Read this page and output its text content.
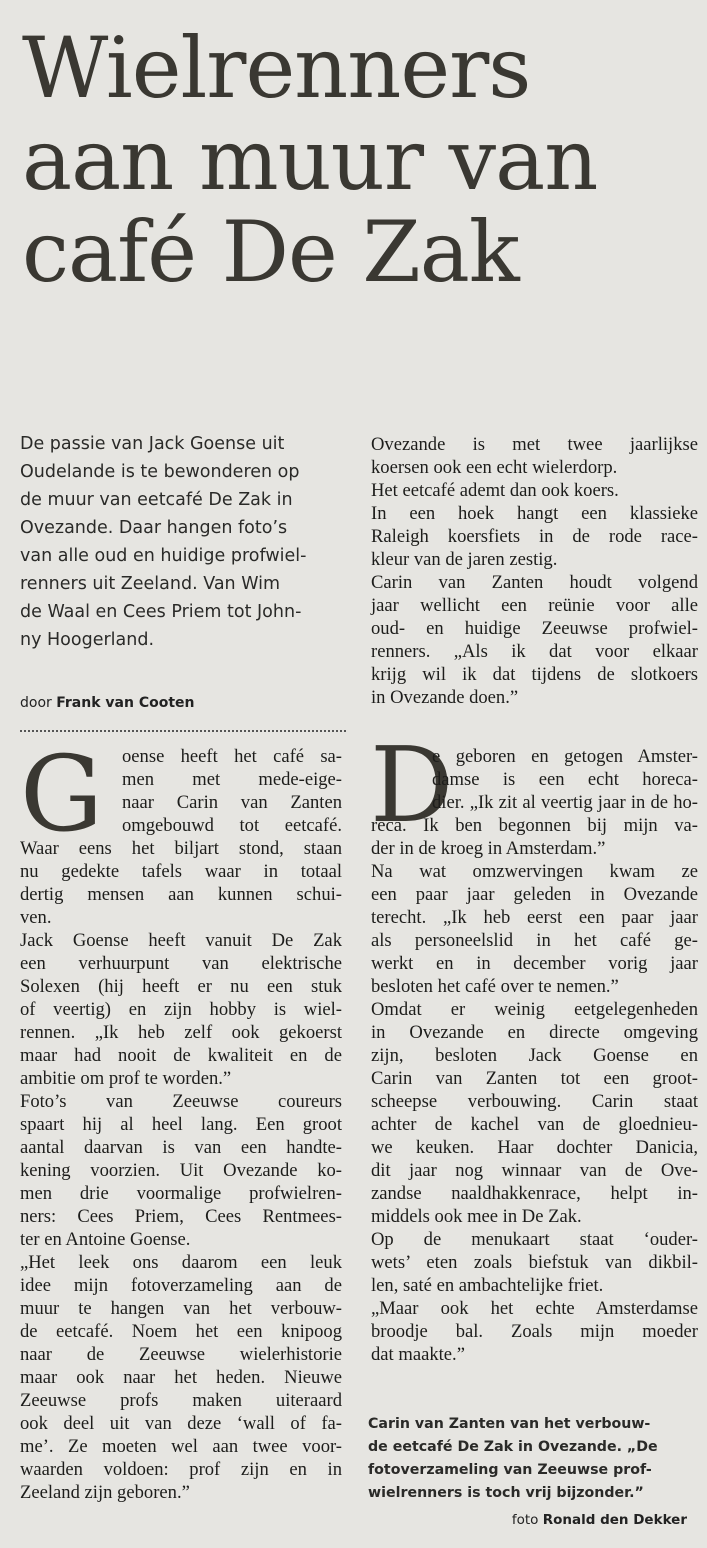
Wielrenners
aan muur van
café De Zak
De passie van Jack Goense uit
Oudelande is te bewonderen op
de muur van eetcafé De Zak in
Ovezande. Daar hangen foto’s
van alle oud en huidige profwiel-
renners uit Zeeland. Van Wim
de Waal en Cees Priem tot John-
ny Hoogerland.
door Frank van Cooten
G oense heeft het café sa-
men met mede-eige-
naar Carin van Zanten
omgebouwd tot eetcafé.
Waar eens het biljart stond, staan
nu gedekte tafels waar in totaal
dertig mensen aan kunnen schui-
ven.
Jack Goense heeft vanuit De Zak
een verhuurpunt van elektrische
Solexen (hij heeft er nu een stuk
of veertig) en zijn hobby is wiel-
rennen. „Ik heb zelf ook gekoerst
maar had nooit de kwaliteit en de
ambitie om prof te worden.”
Foto’s van Zeeuwse coureurs
spaart hij al heel lang. Een groot
aantal daarvan is van een handte-
kening voorzien. Uit Ovezande ko-
men drie voormalige profwielren-
ners: Cees Priem, Cees Rentmees-
ter en Antoine Goense.
„Het leek ons daarom een leuk
idee mijn fotoverzameling aan de
muur te hangen van het verbouw-
de eetcafé. Noem het een knipoog
naar de Zeeuwse wielerhistorie
maar ook naar het heden. Nieuwe
Zeeuwse profs maken uiteraard
ook deel uit van deze ‘wall of fa-
me’. Ze moeten wel aan twee voor-
waarden voldoen: prof zijn en in
Zeeland zijn geboren.”
Ovezande is met twee jaarlijkse
koersen ook een echt wielerdorp.
Het eetcafé ademt dan ook koers.
In een hoek hangt een klassieke
Raleigh koersfiets in de rode race-
kleur van de jaren zestig.
Carin van Zanten houdt volgend
jaar wellicht een reünie voor alle
oud- en huidige Zeeuwse profwiel-
renners. „Als ik dat voor elkaar
krijg wil ik dat tijdens de slotkoers
in Ovezande doen.”
D
e geboren en getogen Amster-
damse is een echt horeca-
dier. „Ik zit al veertig jaar in de ho-
reca. Ik ben begonnen bij mijn va-
der in de kroeg in Amsterdam.”
Na wat omzwervingen kwam ze
een paar jaar geleden in Ovezande
terecht. „Ik heb eerst een paar jaar
als personeelslid in het café ge-
werkt en in december vorig jaar
besloten het café over te nemen.”
Omdat er weinig eetgelegenheden
in Ovezande en directe omgeving
zijn, besloten Jack Goense en
Carin van Zanten tot een groot-
scheepse verbouwing. Carin staat
achter de kachel van de gloednieu-
we keuken. Haar dochter Danicia,
dit jaar nog winnaar van de Ove-
zandse naaldhakkenrace, helpt in-
middels ook mee in De Zak.
Op de menukaart staat ‘ouder-
wets’ eten zoals biefstuk van dikbil-
len, saté en ambachtelijke friet.
„Maar ook het echte Amsterdamse
broodje bal. Zoals mijn moeder
dat maakte.”
Carin van Zanten van het verbouw-
de eetcafé De Zak in Ovezande. „De
fotoverzameling van Zeeuwse prof-
wielrenners is toch vrij bijzonder.”
foto Ronald den Dekker
